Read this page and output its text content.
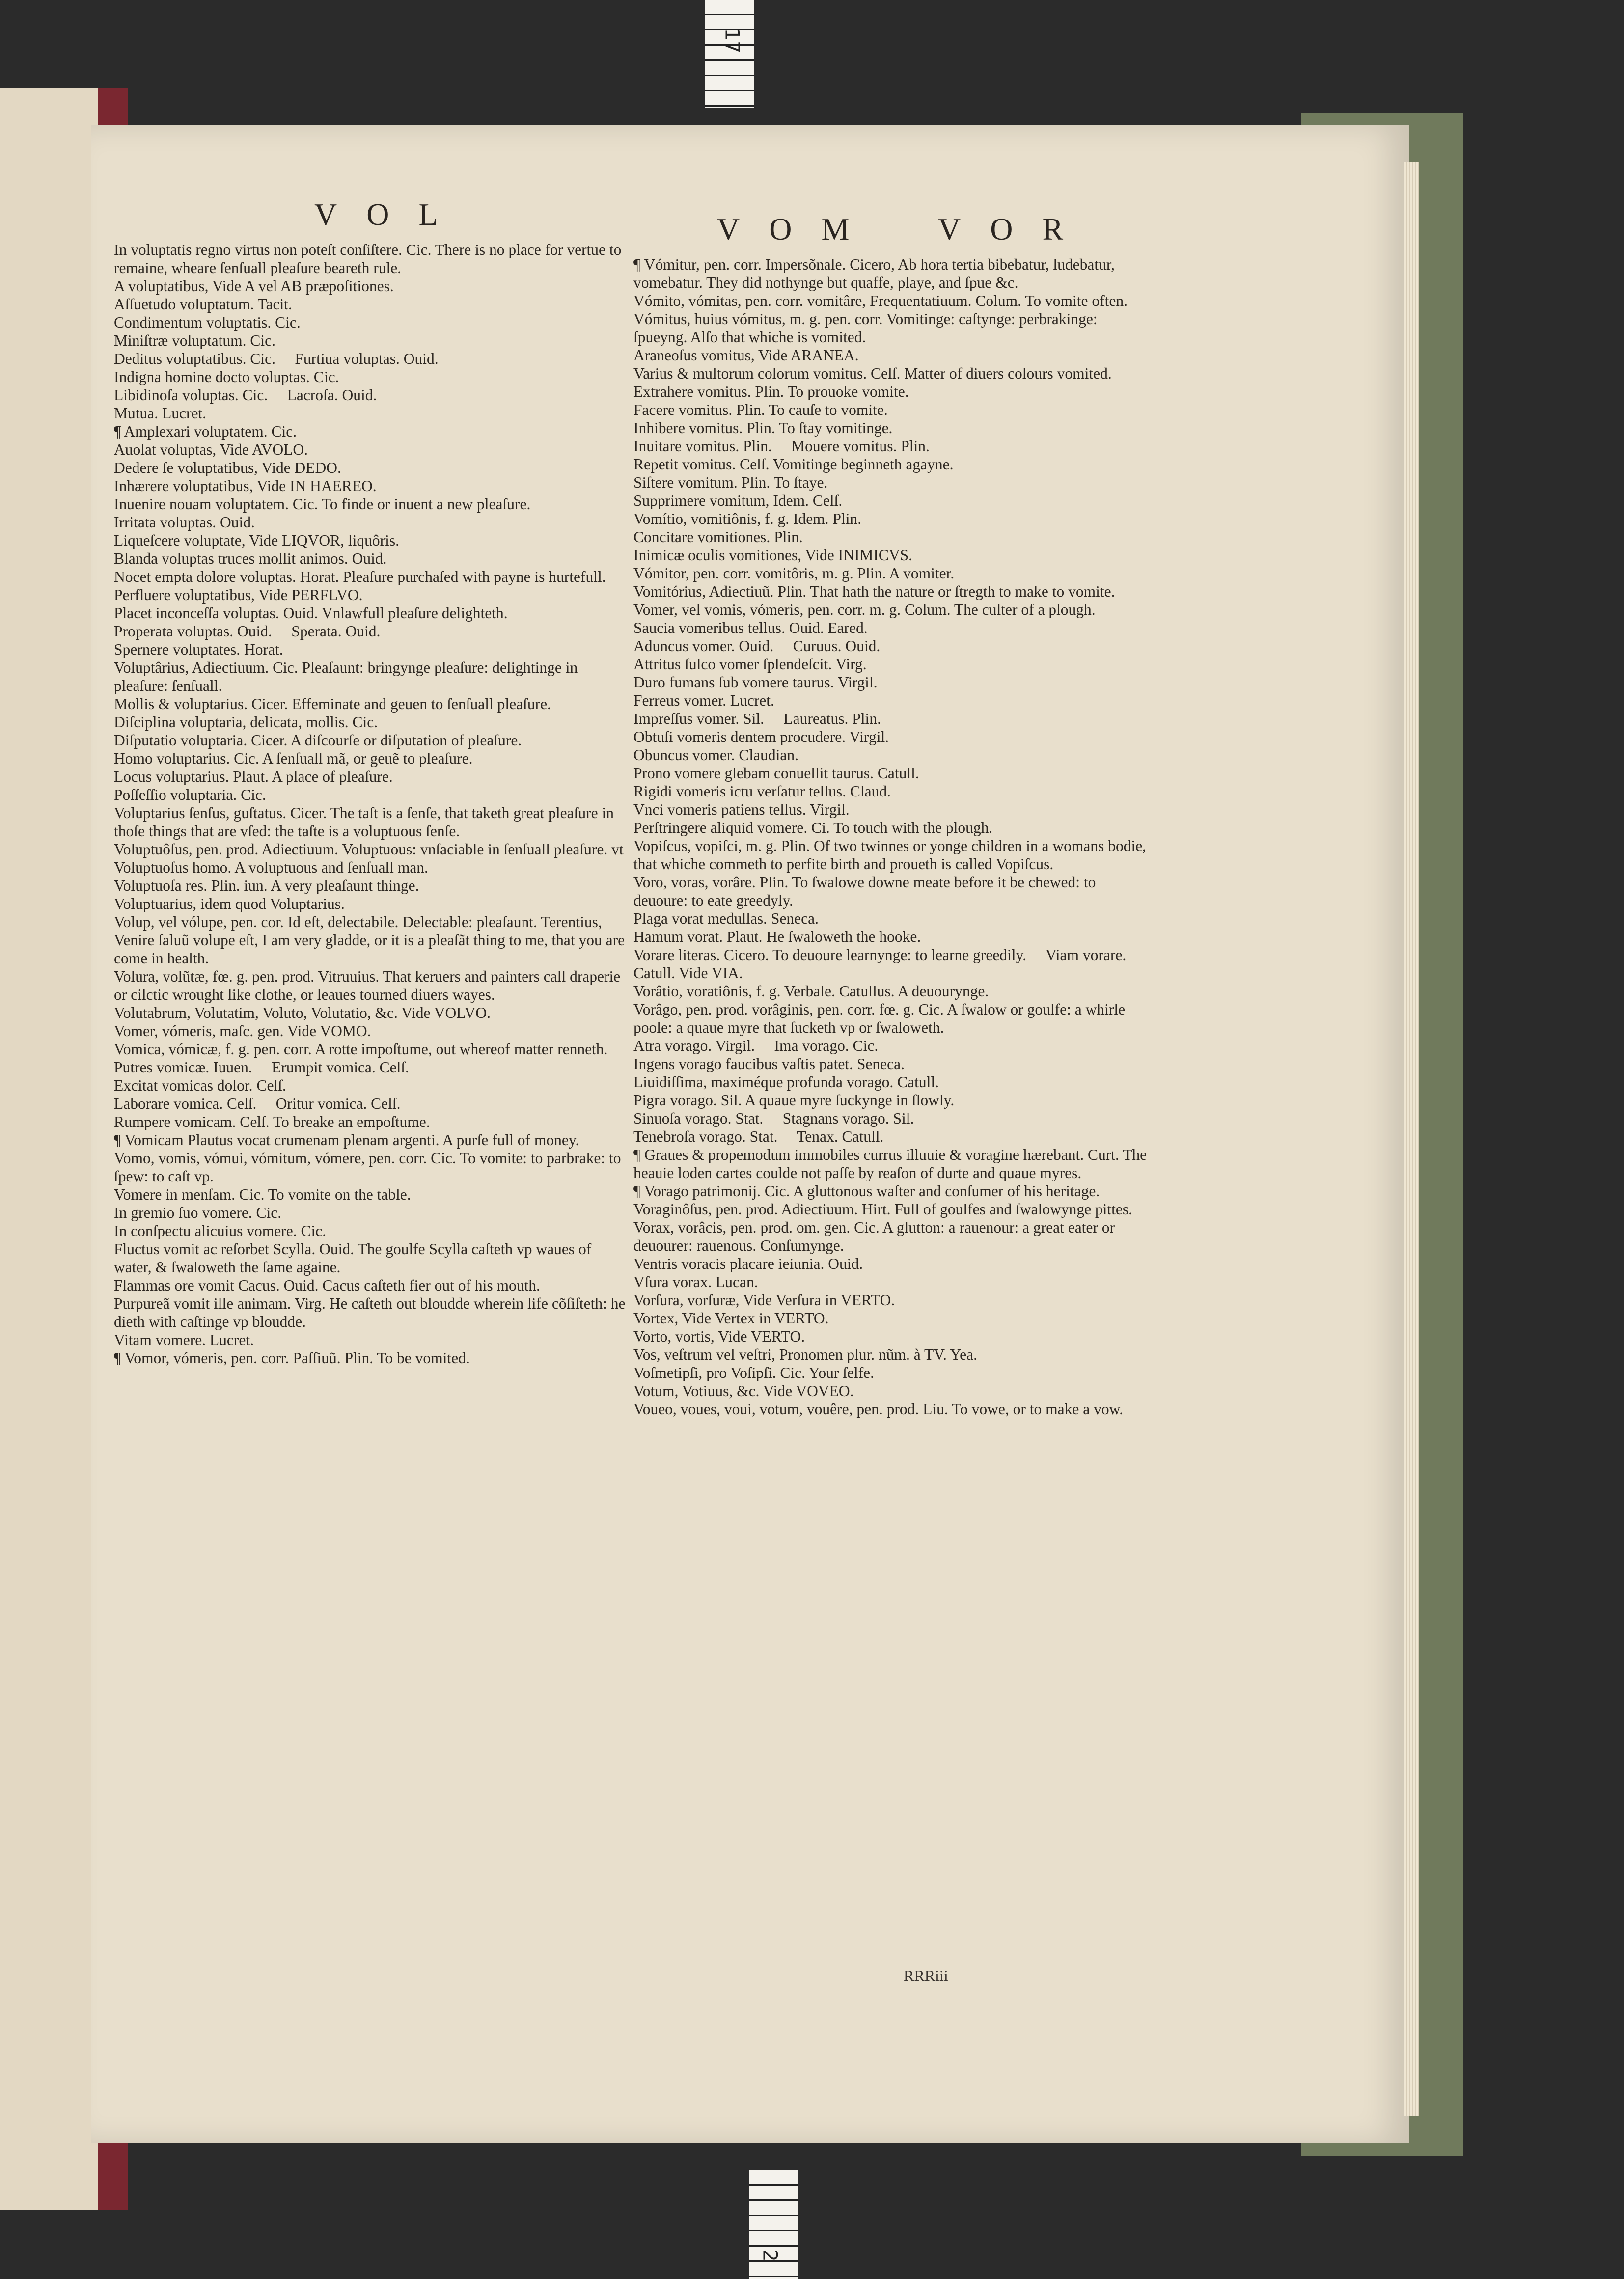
17
2
VOL	VOM VOR
In voluptatis regno virtus non poteſt conſiſtere. Cic. There is no place for vertue to remaine, wheare ſenſuall pleaſure beareth rule.
A voluptatibus, Vide A vel AB præpoſitiones.
Aſſuetudo voluptatum. Tacit.
Condimentum voluptatis. Cic.
Miniſtræ voluptatum. Cic.
Deditus voluptatibus. Cic.     Furtiua voluptas. Ouid.
Indigna homine docto voluptas. Cic.
Libidinoſa voluptas. Cic.     Lacroſa. Ouid.
Mutua. Lucret.
¶ Amplexari voluptatem. Cic.
Auolat voluptas, Vide AVOLO.
Dedere ſe voluptatibus, Vide DEDO.
Inhærere voluptatibus, Vide IN HAEREO.
Inuenire nouam voluptatem. Cic. To finde or inuent a new pleaſure.
Irritata voluptas. Ouid.
Liqueſcere voluptate, Vide LIQVOR, liquôris.
Blanda voluptas truces mollit animos. Ouid.
Nocet empta dolore voluptas. Horat. Pleaſure purchaſed with payne is hurtefull.
Perfluere voluptatibus, Vide PERFLVO.
Placet inconceſſa voluptas. Ouid. Vnlawfull pleaſure delighteth.
Properata voluptas. Ouid.     Sperata. Ouid.
Spernere voluptates. Horat.
Voluptârius, Adiectiuum. Cic. Pleaſaunt: bringynge pleaſure: delightinge in pleaſure: ſenſuall.
Mollis & voluptarius. Cicer. Effeminate and geuen to ſenſuall pleaſure.
Diſciplina voluptaria, delicata, mollis. Cic.
Diſputatio voluptaria. Cicer. A diſcourſe or diſputation of pleaſure.
Homo voluptarius. Cic. A ſenſuall mã, or geuẽ to pleaſure.
Locus voluptarius. Plaut. A place of pleaſure.
Poſſeſſio voluptaria. Cic.
Voluptarius ſenſus, guſtatus. Cicer. The taſt is a ſenſe, that taketh great pleaſure in thoſe things that are vſed: the taſte is a voluptuous ſenſe.
Voluptuôſus, pen. prod. Adiectiuum. Voluptuous: vnſaciable in ſenſuall pleaſure. vt Voluptuoſus homo. A voluptuous and ſenſuall man.
Voluptuoſa res. Plin. iun. A very pleaſaunt thinge.
Voluptuarius, idem quod Voluptarius.
Volup, vel vólupe, pen. cor. Id eſt, delectabile. Delectable: pleaſaunt. Terentius, Venire ſaluũ volupe eſt, I am very gladde, or it is a pleaſãt thing to me, that you are come in health.
Volura, volũtæ, fœ. g. pen. prod. Vitruuius. That keruers and painters call draperie or cilctic wrought like clothe, or leaues tourned diuers wayes.
Volutabrum, Volutatim, Voluto, Volutatio, &c. Vide VOLVO.
Vomer, vómeris, maſc. gen. Vide VOMO.
Vomica, vómicæ, f. g. pen. corr. A rotte impoſtume, out whereof matter renneth.
Putres vomicæ. Iuuen.     Erumpit vomica. Celſ.
Excitat vomicas dolor. Celſ.
Laborare vomica. Celſ.     Oritur vomica. Celſ.
Rumpere vomicam. Celſ. To breake an empoſtume.
¶ Vomicam Plautus vocat crumenam plenam argenti. A purſe full of money.
Vomo, vomis, vómui, vómitum, vómere, pen. corr. Cic. To vomite: to parbrake: to ſpew: to caſt vp.
Vomere in menſam. Cic. To vomite on the table.
In gremio ſuo vomere. Cic.
In conſpectu alicuius vomere. Cic.
Fluctus vomit ac reſorbet Scylla. Ouid. The goulfe Scylla caſteth vp waues of water, & ſwaloweth the ſame againe.
Flammas ore vomit Cacus. Ouid. Cacus caſteth fier out of his mouth.
Purpureã vomit ille animam. Virg. He caſteth out bloudde wherein life cõſiſteth: he dieth with caſtinge vp bloudde.
Vitam vomere. Lucret.
¶ Vomor, vómeris, pen. corr. Paſſiuũ. Plin. To be vomited.
¶ Vómitur, pen. corr. Impersõnale. Cicero, Ab hora tertia bibebatur, ludebatur, vomebatur. They did nothynge but quaffe, playe, and ſpue &c.
Vómito, vómitas, pen. corr. vomitâre, Frequentatiuum. Colum. To vomite often.
Vómitus, huius vómitus, m. g. pen. corr. Vomitinge: caſtynge: perbrakinge: ſpueyng. Alſo that whiche is vomited.
Araneoſus vomitus, Vide ARANEA.
Varius & multorum colorum vomitus. Celſ. Matter of diuers colours vomited.
Extrahere vomitus. Plin. To prouoke vomite.
Facere vomitus. Plin. To cauſe to vomite.
Inhibere vomitus. Plin. To ſtay vomitinge.
Inuitare vomitus. Plin.     Mouere vomitus. Plin.
Repetit vomitus. Celſ. Vomitinge beginneth agayne.
Siſtere vomitum. Plin. To ſtaye.
Supprimere vomitum, Idem. Celſ.
Vomítio, vomitiônis, f. g. Idem. Plin.
Concitare vomitiones. Plin.
Inimicæ oculis vomitiones, Vide INIMICVS.
Vómitor, pen. corr. vomitôris, m. g. Plin. A vomiter.
Vomitórius, Adiectiuũ. Plin. That hath the nature or ſtregth to make to vomite.
Vomer, vel vomis, vómeris, pen. corr. m. g. Colum. The culter of a plough.
Saucia vomeribus tellus. Ouid. Eared.
Aduncus vomer. Ouid.     Curuus. Ouid.
Attritus ſulco vomer ſplendeſcit. Virg.
Duro fumans ſub vomere taurus. Virgil.
Ferreus vomer. Lucret.
Impreſſus vomer. Sil.     Laureatus. Plin.
Obtuſi vomeris dentem procudere. Virgil.
Obuncus vomer. Claudian.
Prono vomere glebam conuellit taurus. Catull.
Rigidi vomeris ictu verſatur tellus. Claud.
Vnci vomeris patiens tellus. Virgil.
Perſtringere aliquid vomere. Ci. To touch with the plough.
Vopiſcus, vopiſci, m. g. Plin. Of two twinnes or yonge children in a womans bodie, that whiche commeth to perfite birth and proueth is called Vopiſcus.
Voro, voras, vorâre. Plin. To ſwalowe downe meate before it be chewed: to deuoure: to eate greedyly.
Plaga vorat medullas. Seneca.
Hamum vorat. Plaut. He ſwaloweth the hooke.
Vorare literas. Cicero. To deuoure learnynge: to learne greedily.     Viam vorare. Catull. Vide VIA.
Vorâtio, voratiônis, f. g. Verbale. Catullus. A deuourynge.
Vorâgo, pen. prod. vorâginis, pen. corr. fœ. g. Cic. A ſwalow or goulfe: a whirle poole: a quaue myre that ſucketh vp or ſwaloweth.
Atra vorago. Virgil.     Ima vorago. Cic.
Ingens vorago faucibus vaſtis patet. Seneca.
Liuidiſſima, maximéque profunda vorago. Catull.
Pigra vorago. Sil. A quaue myre ſuckynge in ſlowly.
Sinuoſa vorago. Stat.     Stagnans vorago. Sil.
Tenebroſa vorago. Stat.     Tenax. Catull.
¶ Graues & propemodum immobiles currus illuuie & voragine hærebant. Curt. The heauie loden cartes coulde not paſſe by reaſon of durte and quaue myres.
¶ Vorago patrimonij. Cic. A gluttonous waſter and conſumer of his heritage.
Voraginôſus, pen. prod. Adiectiuum. Hirt. Full of goulfes and ſwalowynge pittes.
Vorax, vorâcis, pen. prod. om. gen. Cic. A glutton: a rauenour: a great eater or deuourer: rauenous. Conſumynge.
Ventris voracis placare ieiunia. Ouid.
Vſura vorax. Lucan.
Vorſura, vorſuræ, Vide Verſura in VERTO.
Vortex, Vide Vertex in VERTO.
Vorto, vortis, Vide VERTO.
Vos, veſtrum vel veſtri, Pronomen plur. nũm. à TV. Yea.
Voſmetipſi, pro Voſipſi. Cic. Your ſelfe.
Votum, Votiuus, &c. Vide VOVEO.
Voueo, voues, voui, votum, vouêre, pen. prod. Liu. To vowe, or to make a vow.
RRRiii
